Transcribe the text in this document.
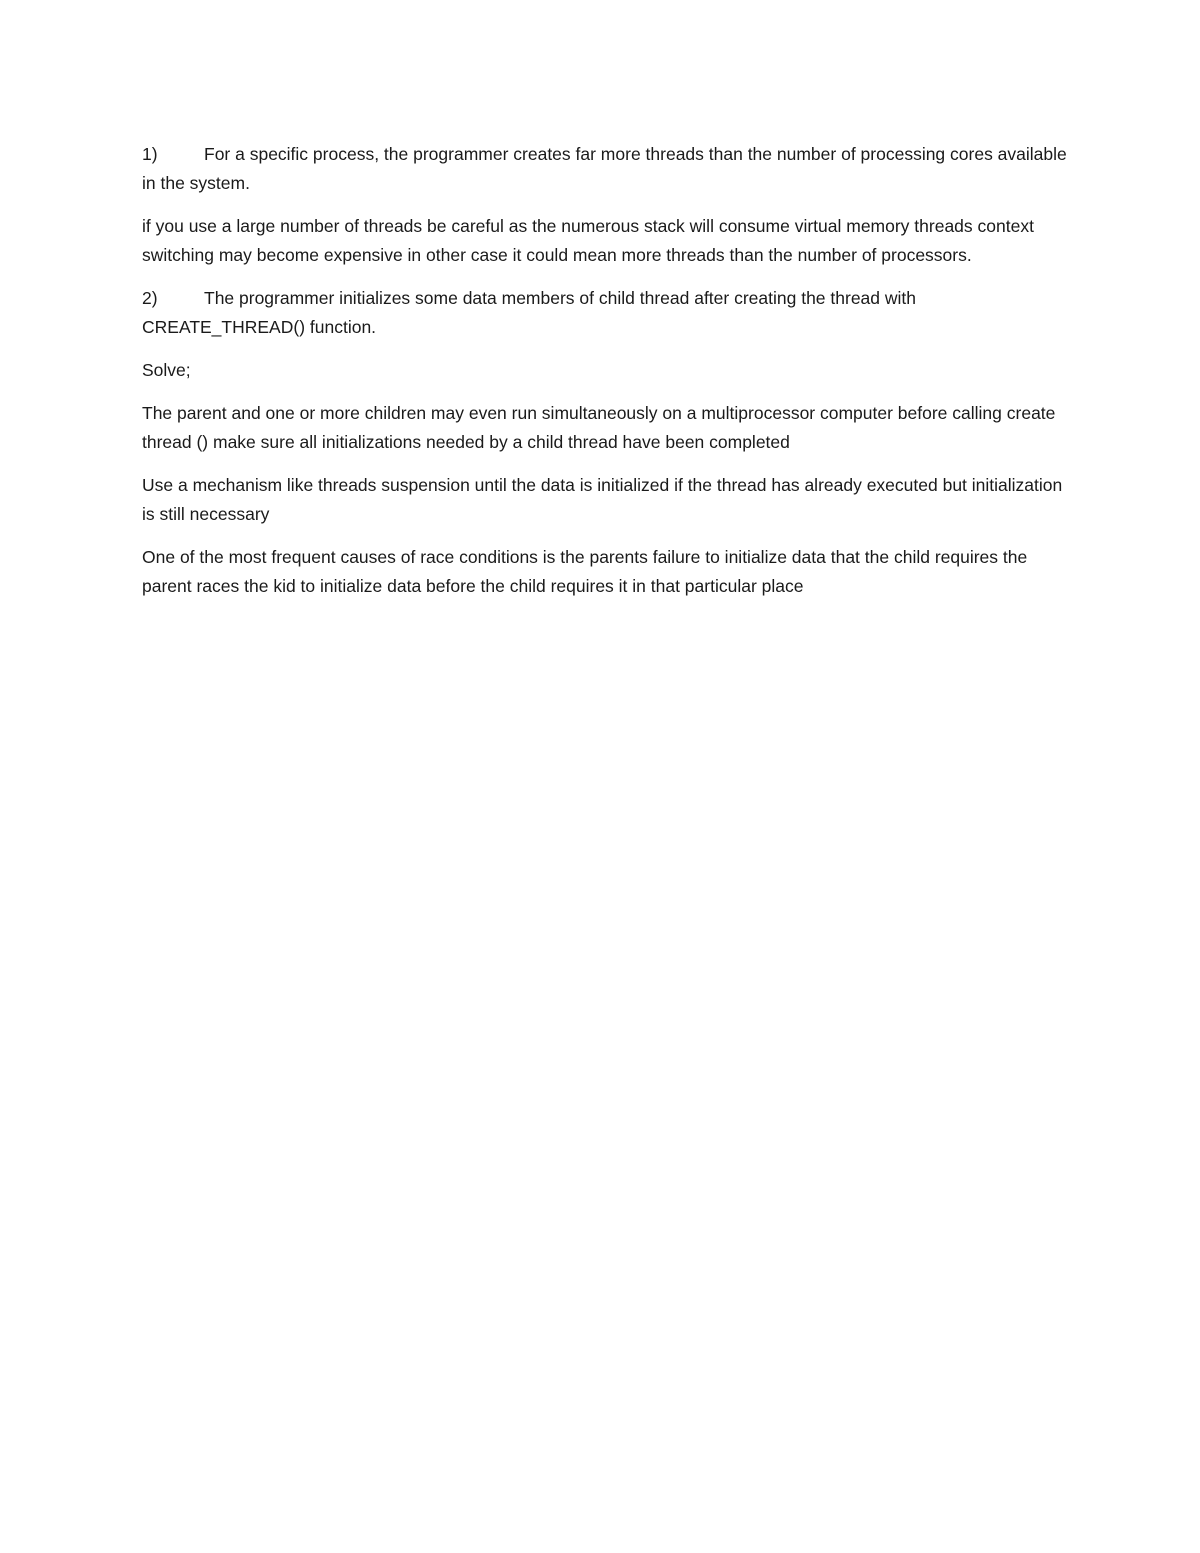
1)	For a specific process, the programmer creates far more threads than the number of processing cores available in the system.

if you use a large number of threads be careful as the numerous stack will consume virtual memory threads context switching may become expensive in other case it could mean more threads than the number of processors.

2)	The programmer initializes some data members of child thread after creating the thread with CREATE_THREAD() function.

Solve;

The parent and one or more children may even run simultaneously on a multiprocessor computer before calling create thread () make sure all initializations needed by a child thread have been completed

Use a mechanism like threads suspension until the data is initialized if the thread has already executed but initialization is still necessary

One of the most frequent causes of race conditions is the parents failure to initialize data that the child requires the parent races the kid to initialize data before the child requires it in that particular place
